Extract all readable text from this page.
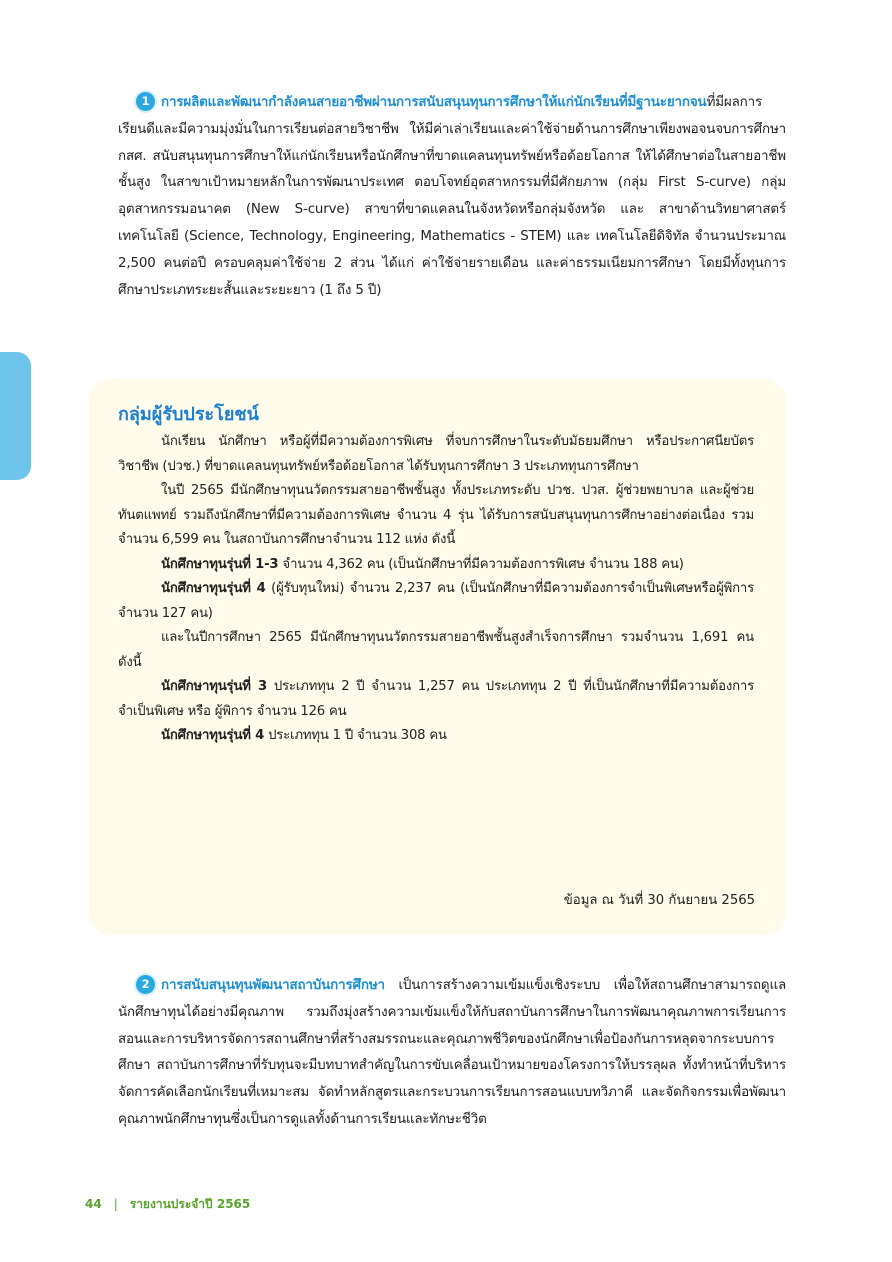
1 การผลิตและพัฒนากำลังคนสายอาชีพผ่านการสนับสนุนทุนการศึกษาให้แก่นักเรียนที่มีฐานะยากจนที่มีผลการเรียนดีและมีความมุ่งมั่นในการเรียนต่อสายวิชาชีพ ให้มีค่าเล่าเรียนและค่าใช้จ่ายด้านการศึกษาเพียงพอจนจบการศึกษา กสศ. สนับสนุนทุนการศึกษาให้แก่นักเรียนหรือนักศึกษาที่ขาดแคลนทุนทรัพย์หรือด้อยโอกาส ให้ได้ศึกษาต่อในสายอาชีพชั้นสูง ในสาขาเป้าหมายหลักในการพัฒนาประเทศ ตอบโจทย์อุตสาหกรรมที่มีศักยภาพ (กลุ่ม First S-curve) กลุ่มอุตสาหกรรมอนาคต (New S-curve) สาขาที่ขาดแคลนในจังหวัดหรือกลุ่มจังหวัด และ สาขาด้านวิทยาศาสตร์เทคโนโลยี (Science, Technology, Engineering, Mathematics - STEM) และ เทคโนโลยีดิจิทัล จำนวนประมาณ 2,500 คนต่อปี ครอบคลุมค่าใช้จ่าย 2 ส่วน ได้แก่ ค่าใช้จ่ายรายเดือน และค่าธรรมเนียมการศึกษา โดยมีทั้งทุนการศึกษาประเภทระยะสั้นและระยะยาว (1 ถึง 5 ปี)
กลุ่มผู้รับประโยชน์

นักเรียน นักศึกษา หรือผู้ที่มีความต้องการพิเศษ ที่จบการศึกษาในระดับมัธยมศึกษา หรือประกาศนียบัตรวิชาชีพ (ปวช.) ที่ขาดแคลนทุนทรัพย์หรือด้อยโอกาส ได้รับทุนการศึกษา 3 ประเภททุนการศึกษา

ในปี 2565 มีนักศึกษาทุนนวัตกรรมสายอาชีพชั้นสูง ทั้งประเภทระดับ ปวช. ปวส. ผู้ช่วยพยาบาล และผู้ช่วยทันตแพทย์ รวมถึงนักศึกษาที่มีความต้องการพิเศษ จำนวน 4 รุ่น ได้รับการสนับสนุนทุนการศึกษาอย่างต่อเนื่อง รวมจำนวน 6,599 คน ในสถาบันการศึกษาจำนวน 112 แห่ง ดังนี้

นักศึกษาทุนรุ่นที่ 1-3 จำนวน 4,362 คน (เป็นนักศึกษาที่มีความต้องการพิเศษ จำนวน 188 คน)

นักศึกษาทุนรุ่นที่ 4 (ผู้รับทุนใหม่) จำนวน 2,237 คน (เป็นนักศึกษาที่มีความต้องการจำเป็นพิเศษหรือผู้พิการ จำนวน 127 คน)

และในปีการศึกษา 2565 มีนักศึกษาทุนนวัตกรรมสายอาชีพชั้นสูงสำเร็จการศึกษา รวมจำนวน 1,691 คน ดังนี้

นักศึกษาทุนรุ่นที่ 3 ประเภททุน 2 ปี จำนวน 1,257 คน ประเภททุน 2 ปี ที่เป็นนักศึกษาที่มีความต้องการจำเป็นพิเศษ หรือ ผู้พิการ จำนวน 126 คน

นักศึกษาทุนรุ่นที่ 4 ประเภททุน 1 ปี จำนวน 308 คน

ข้อมูล ณ วันที่ 30 กันยายน 2565
2 การสนับสนุนทุนพัฒนาสถาบันการศึกษา เป็นการสร้างความเข้มแข็งเชิงระบบ เพื่อให้สถานศึกษาสามารถดูแลนักศึกษาทุนได้อย่างมีคุณภาพ รวมถึงมุ่งสร้างความเข้มแข็งให้กับสถาบันการศึกษาในการพัฒนาคุณภาพการเรียนการสอนและการบริหารจัดการสถานศึกษาที่สร้างสมรรถนะและคุณภาพชีวิตของนักศึกษาเพื่อป้องกันการหลุดจากระบบการศึกษา สถาบันการศึกษาที่รับทุนจะมีบทบาทสำคัญในการขับเคลื่อนเป้าหมายของโครงการให้บรรลุผล ทั้งทำหน้าที่บริหารจัดการคัดเลือกนักเรียนที่เหมาะสม จัดทำหลักสูตรและกระบวนการเรียนการสอนแบบทวิภาคี และจัดกิจกรรมเพื่อพัฒนาคุณภาพนักศึกษาทุนซึ่งเป็นการดูแลทั้งด้านการเรียนและทักษะชีวิต
44 | รายงานประจำปี 2565
